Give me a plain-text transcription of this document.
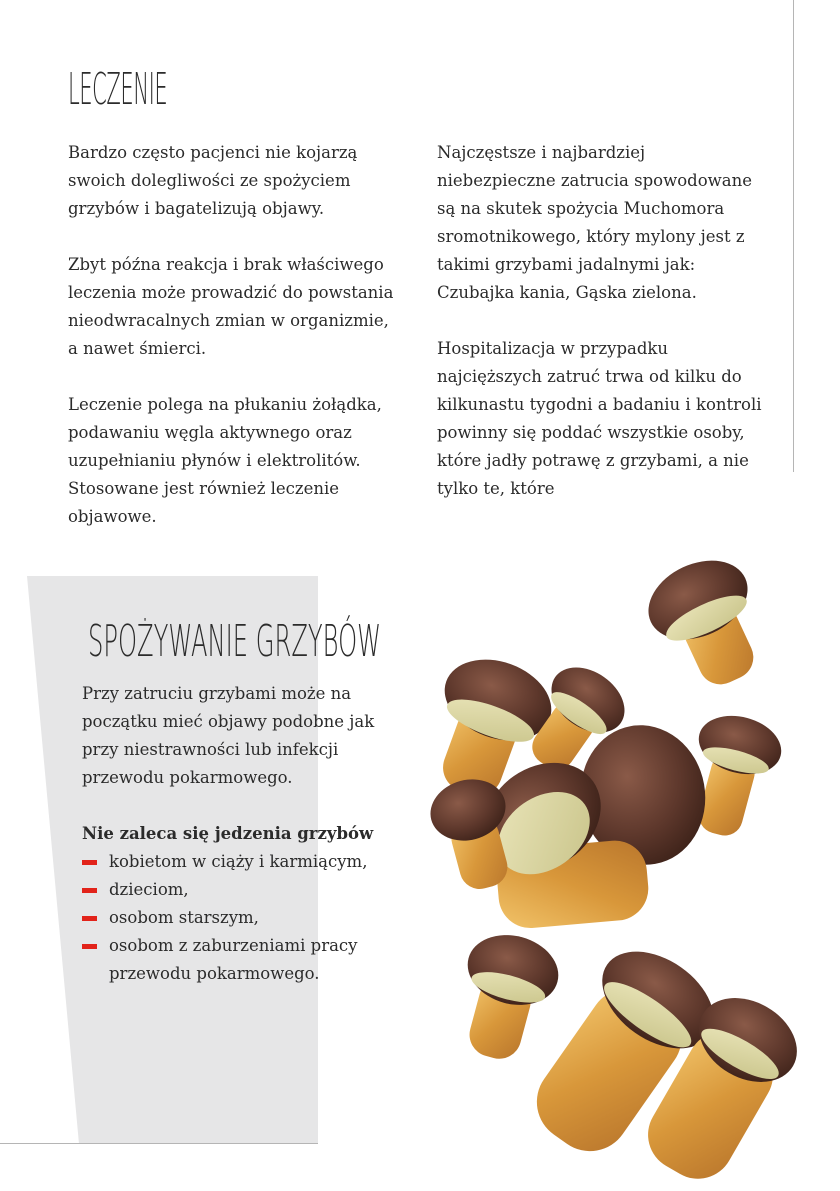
LECZENIE

Bardzo często pacjenci nie kojarzą swoich dolegliwości ze spożyciem grzybów i bagatelizują objawy.

Zbyt późna reakcja i brak właściwego leczenia może prowadzić do powstania nieodwracalnych zmian w organizmie, a nawet śmierci.

Leczenie polega na płukaniu żołądka, podawaniu węgla aktywnego oraz uzupełnianiu płynów i elektrolitów. Stosowane jest również leczenie objawowe.

Najczęstsze i najbardziej niebezpieczne zatrucia spowodowane są na skutek spożycia Muchomora sromotnikowego, który mylony jest z takimi grzybami jadalnymi jak: Czubajka kania, Gąska zielona.

Hospitalizacja w przypadku najcięższych zatruć trwa od kilku do kilkunastu tygodni a badaniu i kontroli powinny się poddać wszystkie osoby, które jadły potrawę z grzybami, a nie tylko te, które

SPOŻYWANIE GRZYBÓW

Przy zatruciu grzybami może na początku mieć objawy podobne jak przy niestrawności lub infekcji przewodu pokarmowego.

Nie zaleca się jedzenia grzybów

kobietom w ciąży i karmiącym,
dzieciom,
osobom starszym,
osobom z zaburzeniami pracy przewodu pokarmowego.
